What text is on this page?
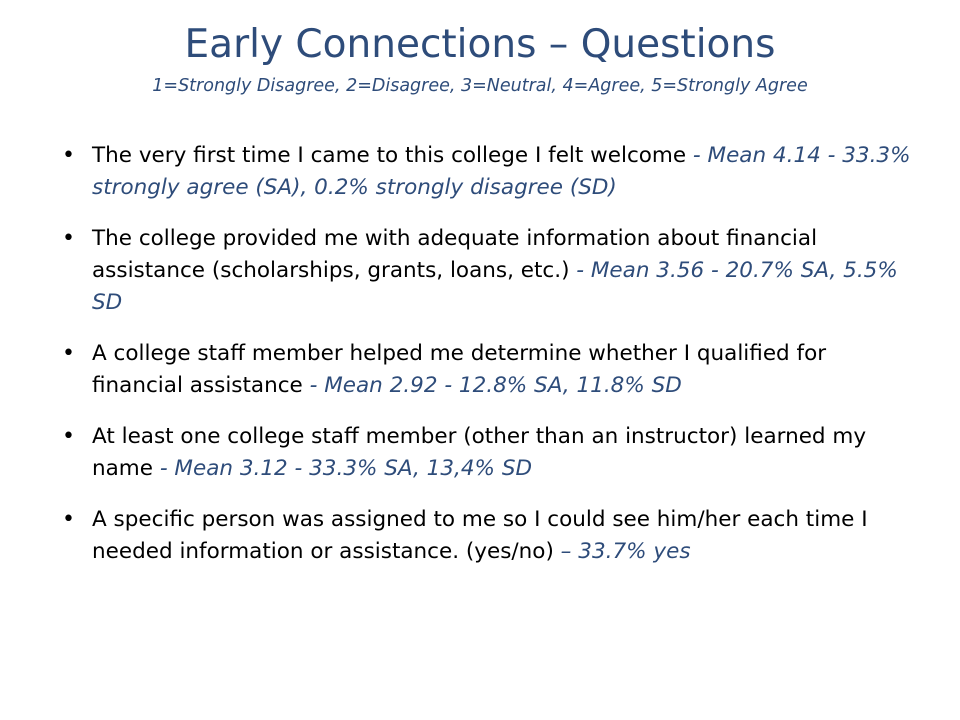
Early Connections – Questions
1=Strongly Disagree, 2=Disagree, 3=Neutral, 4=Agree, 5=Strongly Agree
• The very first time I came to this college I felt welcome - Mean 4.14 - 33.3% strongly agree (SA), 0.2% strongly disagree (SD)
• The college provided me with adequate information about financial assistance (scholarships, grants, loans, etc.) - Mean 3.56 - 20.7% SA, 5.5% SD
• A college staff member helped me determine whether I qualified for financial assistance - Mean 2.92 - 12.8% SA, 11.8% SD
• At least one college staff member (other than an instructor) learned my name - Mean 3.12 - 33.3% SA, 13,4% SD
• A specific person was assigned to me so I could see him/her each time I needed information or assistance. (yes/no) – 33.7% yes
